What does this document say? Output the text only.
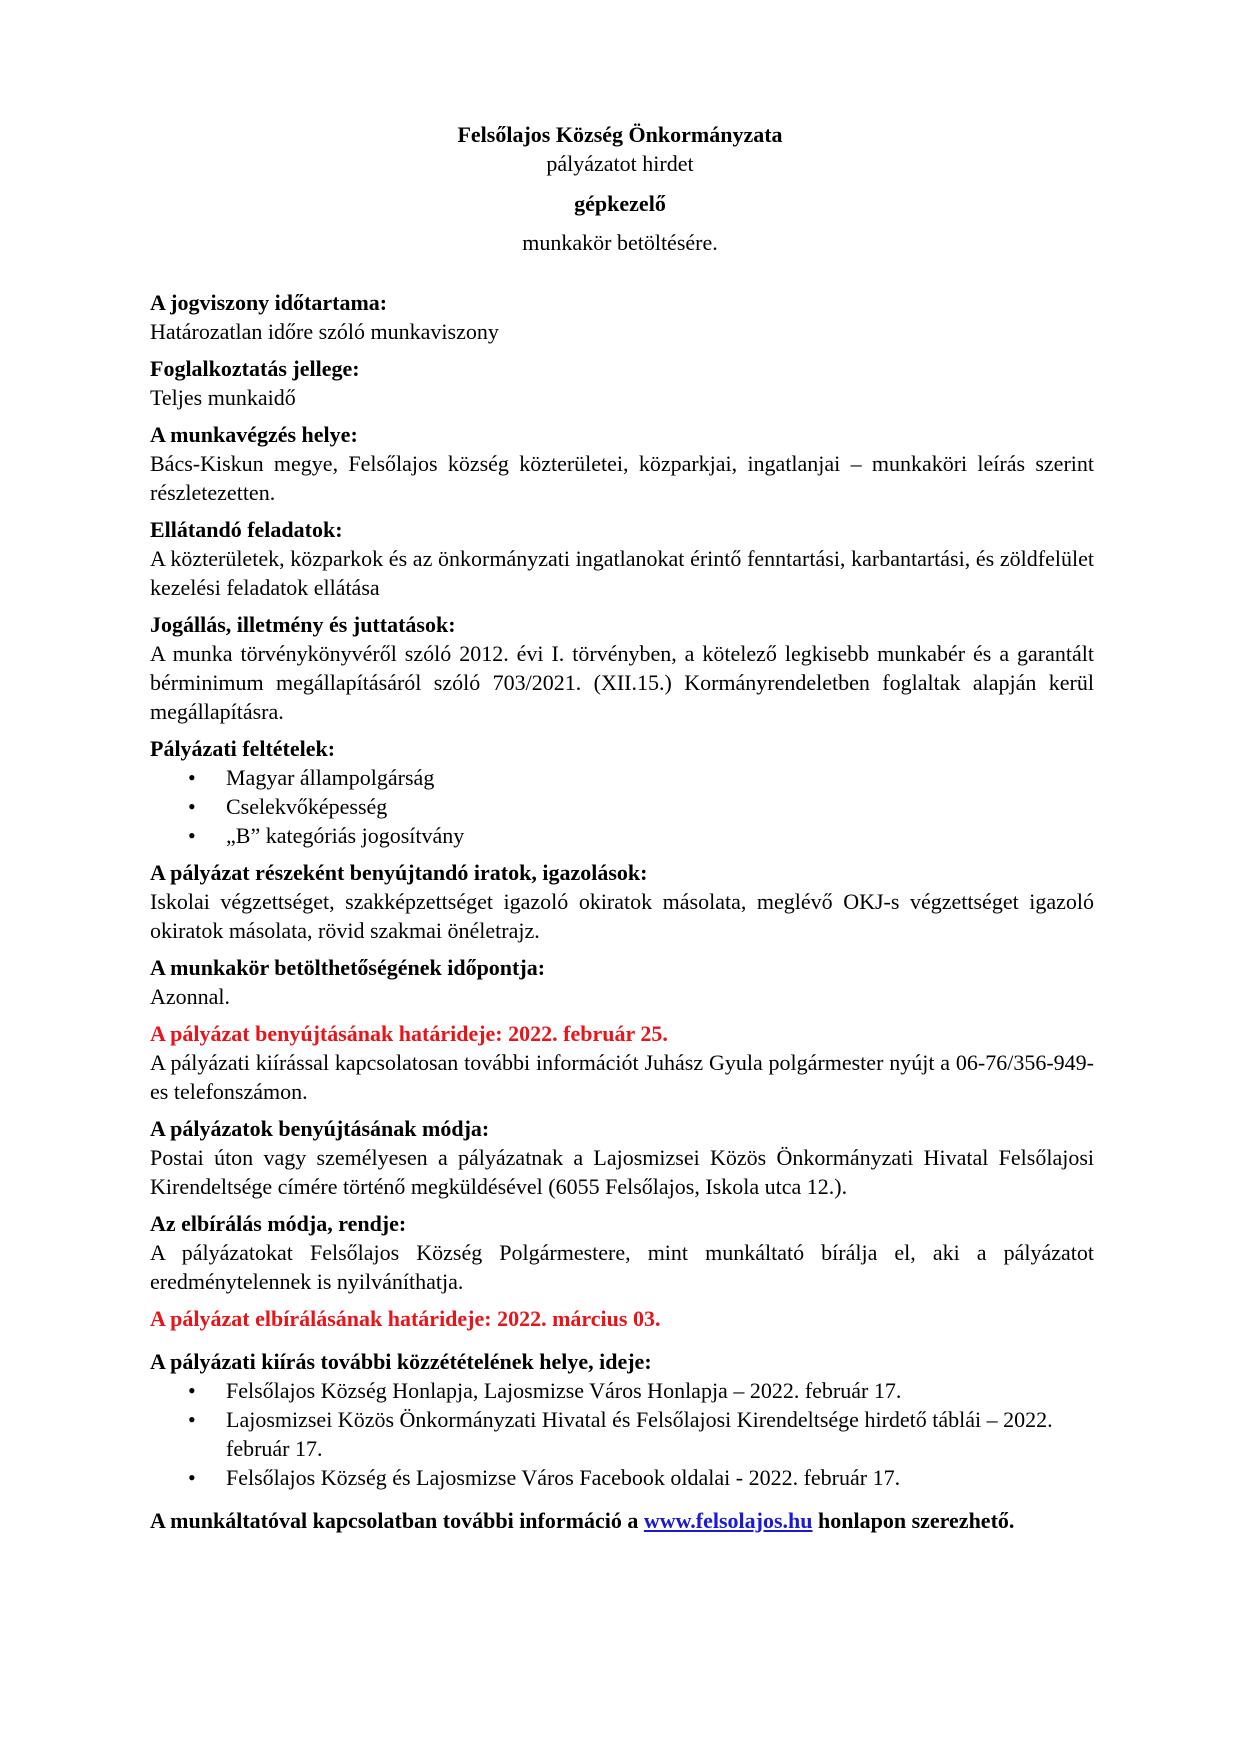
Felsőlajos Község Önkormányzata
pályázatot hirdet
gépkezelő
munkakör betöltésére.
A jogviszony időtartama:
Határozatlan időre szóló munkaviszony
Foglalkoztatás jellege:
Teljes munkaidő
A munkavégzés helye:
Bács-Kiskun megye, Felsőlajos község közterületei, közparkjai, ingatlanjai – munkaköri leírás szerint részletezetten.
Ellátandó feladatok:
A közterületek, közparkok és az önkormányzati ingatlanokat érintő fenntartási, karbantartási, és zöldfelület kezelési feladatok ellátása
Jogállás, illetmény és juttatások:
A munka törvénykönyvéről szóló 2012. évi I. törvényben, a kötelező legkisebb munkabér és a garantált bérminimum megállapításáról szóló 703/2021. (XII.15.) Kormányrendeletben foglaltak alapján kerül megállapításra.
Pályázati feltételek:
• Magyar állampolgárság
• Cselekvőképesség
• „B” kategóriás jogosítvány
A pályázat részeként benyújtandó iratok, igazolások:
Iskolai végzettséget, szakképzettséget igazoló okiratok másolata, meglévő OKJ-s végzettséget igazoló okiratok másolata, rövid szakmai önéletrajz.
A munkakör betölthetőségének időpontja:
Azonnal.
A pályázat benyújtásának határideje: 2022. február 25.
A pályázati kiírással kapcsolatosan további információt Juhász Gyula polgármester nyújt a 06-76/356-949-es telefonszámon.
A pályázatok benyújtásának módja:
Postai úton vagy személyesen a pályázatnak a Lajosmizsei Közös Önkormányzati Hivatal Felsőlajosi Kirendeltsége címére történő megküldésével (6055 Felsőlajos, Iskola utca 12.).
Az elbírálás módja, rendje:
A pályázatokat Felsőlajos Község Polgármestere, mint munkáltató bírálja el, aki a pályázatot eredménytelennek is nyilváníthatja.
A pályázat elbírálásának határideje: 2022. március 03.
A pályázati kiírás további közzétételének helye, ideje:
• Felsőlajos Község Honlapja, Lajosmizse Város Honlapja – 2022. február 17.
• Lajosmizsei Közös Önkormányzati Hivatal és Felsőlajosi Kirendeltsége hirdető táblái – 2022. február 17.
• Felsőlajos Község és Lajosmizse Város Facebook oldalai - 2022. február 17.
A munkáltatóval kapcsolatban további információ a www.felsolajos.hu honlapon szerezhető.
